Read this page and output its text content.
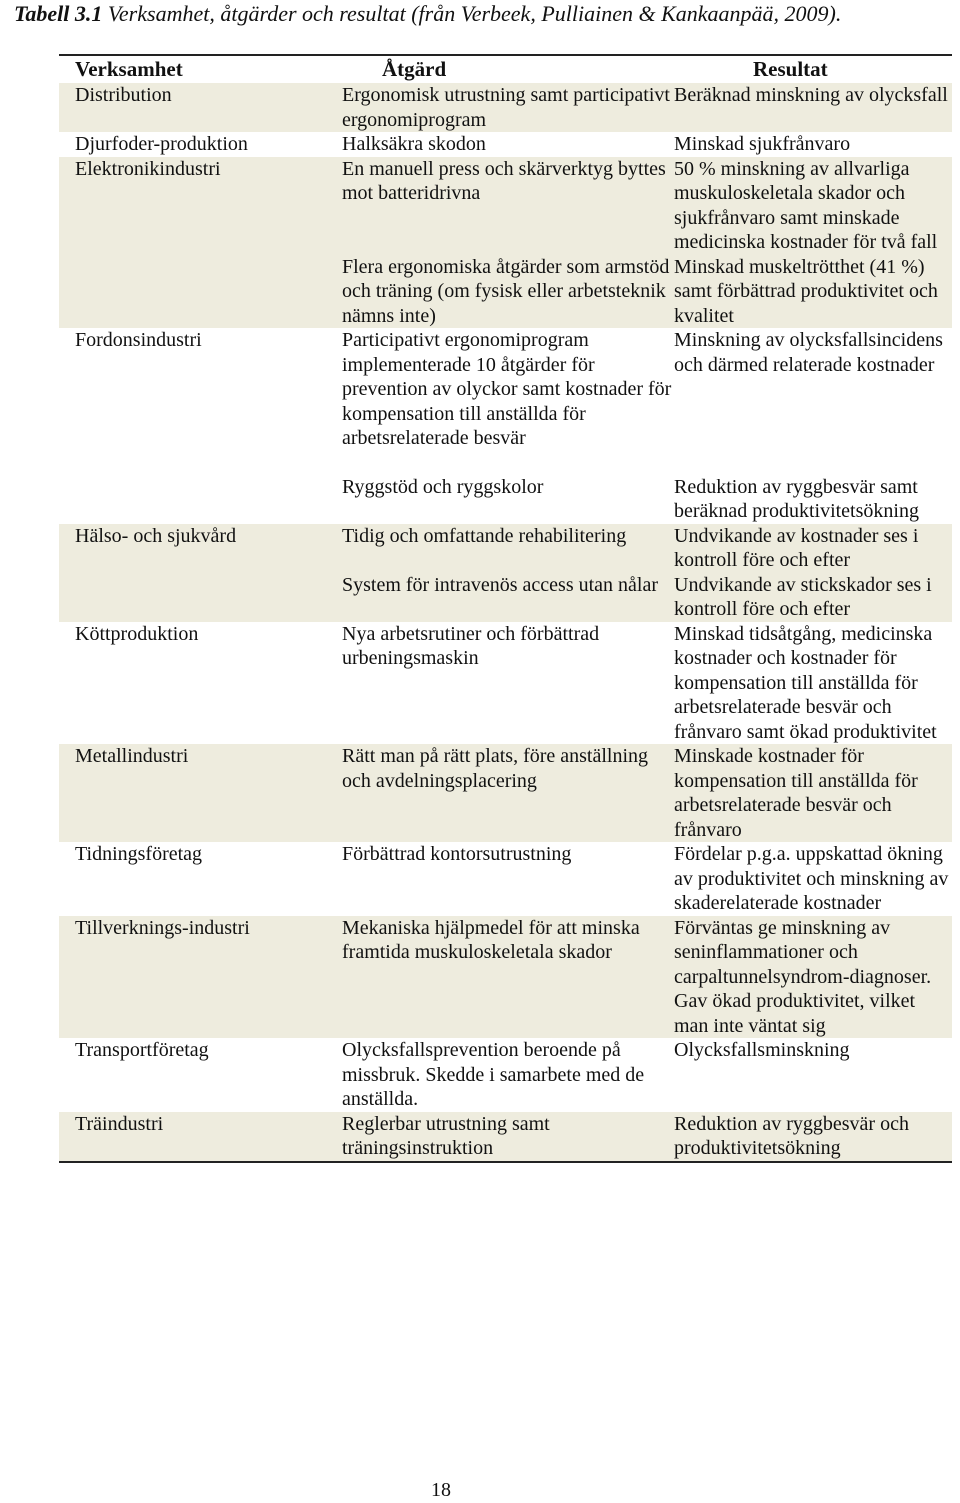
Tabell 3.1 Verksamhet, åtgärder och resultat (från Verbeek, Pulliainen & Kankaanpää, 2009).
Verksamhet	Åtgärd	Resultat
Distribution	Ergonomisk utrustning samt participativt ergonomiprogram	Beräknad minskning av olycksfall
Djurfoder-produktion	Halksäkra skodon	Minskad sjukfrånvaro
Elektronikindustri	En manuell press och skärverktyg byttes mot batteridrivna	50 % minskning av allvarliga muskuloskeletala skador och sjukfrånvaro samt minskade medicinska kostnader för två fall
	Flera ergonomiska åtgärder som armstöd och träning (om fysisk eller arbetsteknik nämns inte)	Minskad muskeltrötthet (41 %) samt förbättrad produktivitet och kvalitet
Fordonsindustri	Participativt ergonomiprogram implementerade 10 åtgärder för prevention av olyckor samt kostnader för kompensation till anställda för arbetsrelaterade besvär	Minskning av olycksfallsincidens och därmed relaterade kostnader

	Ryggstöd och ryggskolor	Reduktion av ryggbesvär samt beräknad produktivitetsökning
Hälso- och sjukvård	Tidig och omfattande rehabilitering	Undvikande av kostnader ses i kontroll före och efter
	System för intravenös access utan nålar	Undvikande av stickskador ses i kontroll före och efter
Köttproduktion	Nya arbetsrutiner och förbättrad urbeningsmaskin	Minskad tidsåtgång, medicinska kostnader och kostnader för kompensation till anställda för arbetsrelaterade besvär och frånvaro samt ökad produktivitet
Metallindustri	Rätt man på rätt plats, före anställning och avdelningsplacering	Minskade kostnader för kompensation till anställda för arbetsrelaterade besvär och frånvaro
Tidningsföretag	Förbättrad kontorsutrustning	Fördelar p.g.a. uppskattad ökning av produktivitet och minskning av skaderelaterade kostnader
Tillverknings-industri	Mekaniska hjälpmedel för att minska framtida muskuloskeletala skador	Förväntas ge minskning av seninflammationer och carpaltunnelsyndrom-diagnoser. Gav ökad produktivitet, vilket man inte väntat sig
Transportföretag	Olycksfallsprevention beroende på missbruk. Skedde i samarbete med de anställda.	Olycksfallsminskning
Träindustri	Reglerbar utrustning samt träningsinstruktion	Reduktion av ryggbesvär och produktivitetsökning
18
